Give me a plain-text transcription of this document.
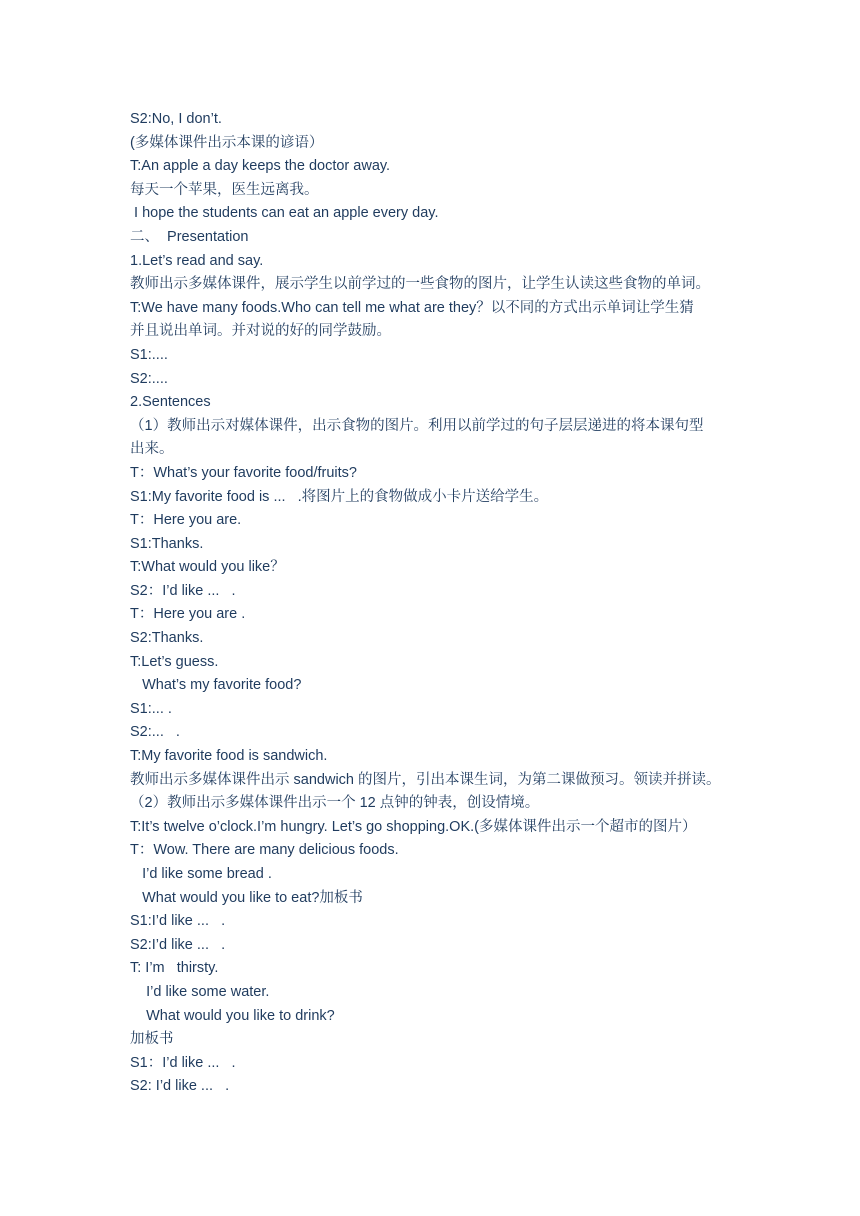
S2:No, I don’t.
(多媒体课件出示本课的谚语）
T:An apple a day keeps the doctor away.
每天一个苹果，医生远离我。
I hope the students can eat an apple every day.
二、  Presentation
1.Let’s read and say.
教师出示多媒体课件，展示学生以前学过的一些食物的图片，让学生认读这些食物的单词。
T:We have many foods.Who can tell me what are they？以不同的方式出示单词让学生猜
并且说出单词。并对说的好的同学鼓励。
S1:....
S2:....
2.Sentences
（1）教师出示对媒体课件，出示食物的图片。利用以前学过的句子层层递进的将本课句型
出来。
T：What’s your favorite food/fruits?
S1:My favorite food is ...   .将图片上的食物做成小卡片送给学生。
T：Here you are.
S1:Thanks.
T:What would you like？
S2：I’d like ...   .
T：Here you are .
S2:Thanks.
T:Let’s guess.
What’s my favorite food?
S1:... .
S2:...   .
T:My favorite food is sandwich.
教师出示多媒体课件出示 sandwich 的图片，引出本课生词，为第二课做预习。领读并拼读。
（2）教师出示多媒体课件出示一个 12 点钟的钟表，创设情境。
T:It’s twelve o’clock.I’m hungry. Let’s go shopping.OK.(多媒体课件出示一个超市的图片）
T：Wow. There are many delicious foods.
I’d like some bread .
What would you like to eat?加板书
S1:I’d like ...   .
S2:I’d like ...   .
T: I’m   thirsty.
I’d like some water.
What would you like to drink?
加板书
S1：I’d like ...   .
S2: I’d like ...   .
